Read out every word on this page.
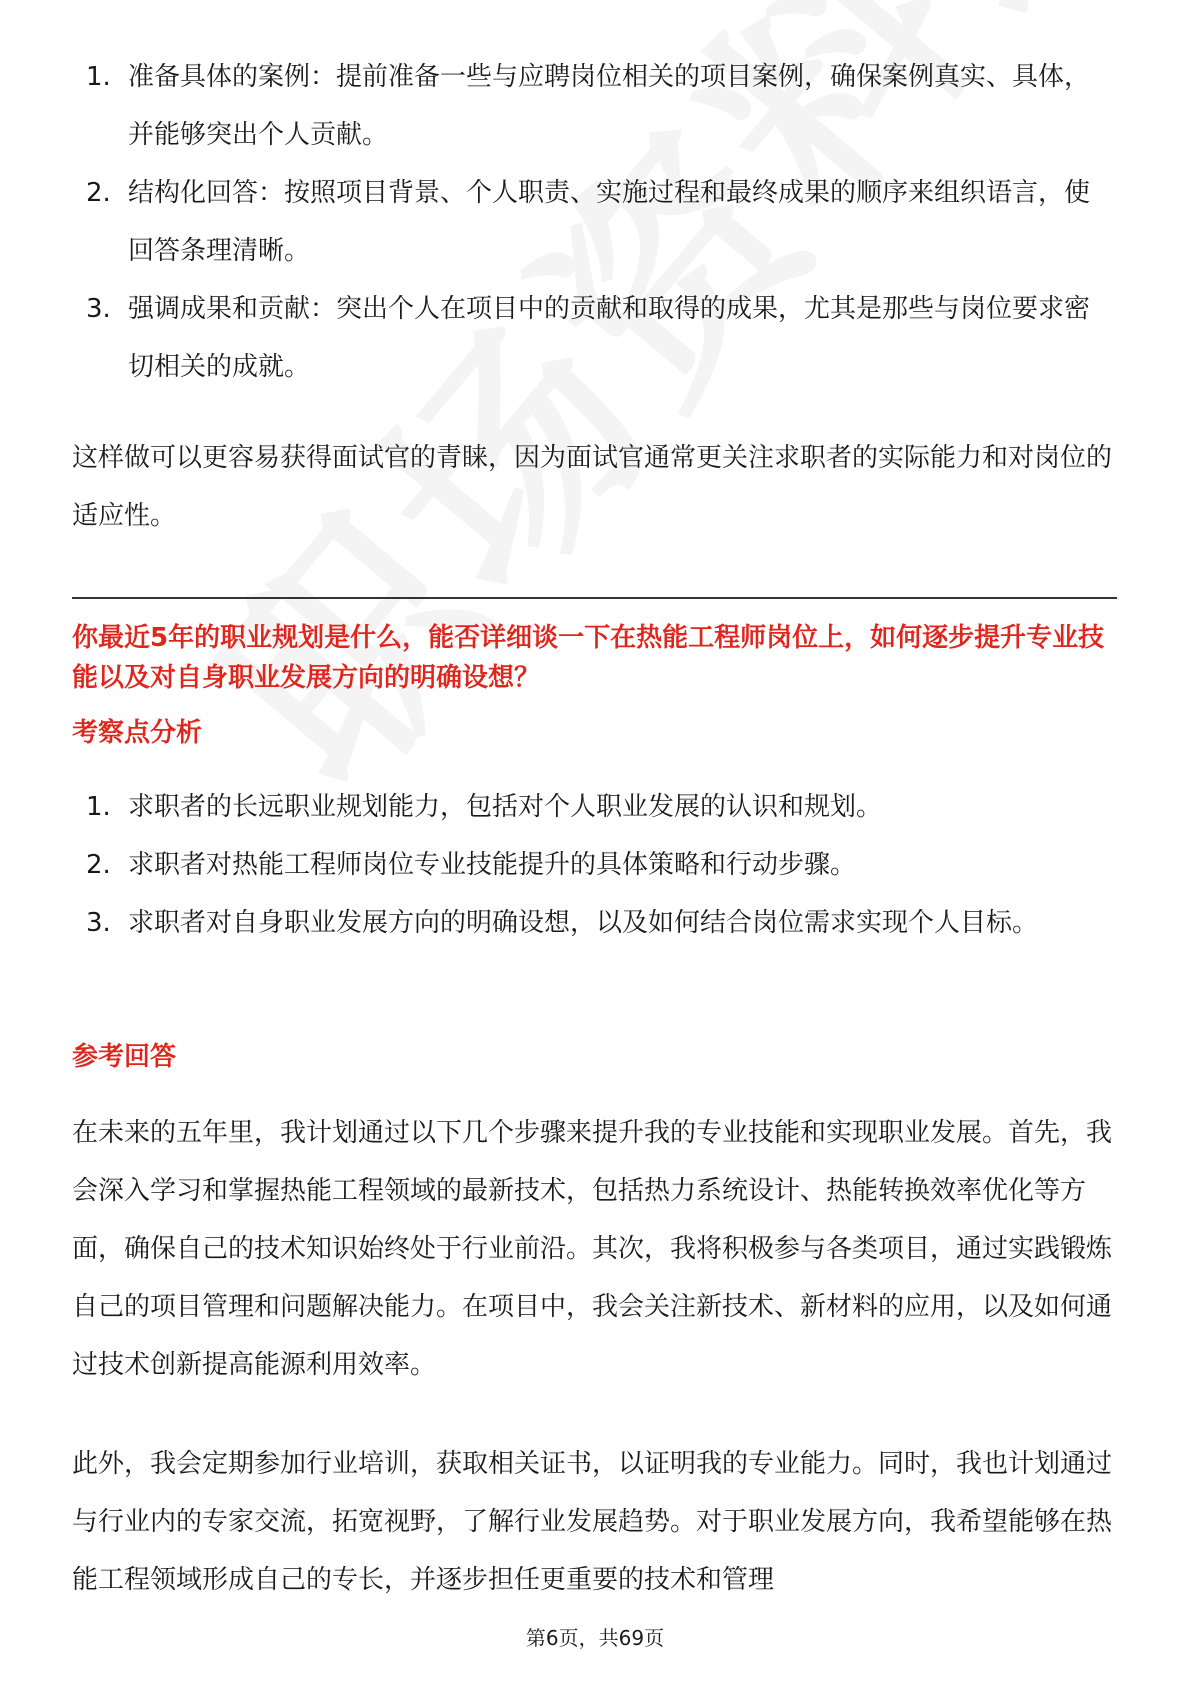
1. 准备具体的案例：提前准备一些与应聘岗位相关的项目案例，确保案例真实、具体，并能够突出个人贡献。
2. 结构化回答：按照项目背景、个人职责、实施过程和最终成果的顺序来组织语言，使回答条理清晰。
3. 强调成果和贡献：突出个人在项目中的贡献和取得的成果，尤其是那些与岗位要求密切相关的成就。

这样做可以更容易获得面试官的青睐，因为面试官通常更关注求职者的实际能力和对岗位的适应性。

你最近5年的职业规划是什么，能否详细谈一下在热能工程师岗位上，如何逐步提升专业技能以及对自身职业发展方向的明确设想？

考察点分析

1. 求职者的长远职业规划能力，包括对个人职业发展的认识和规划。
2. 求职者对热能工程师岗位专业技能提升的具体策略和行动步骤。
3. 求职者对自身职业发展方向的明确设想，以及如何结合岗位需求实现个人目标。

参考回答

在未来的五年里，我计划通过以下几个步骤来提升我的专业技能和实现职业发展。首先，我会深入学习和掌握热能工程领域的最新技术，包括热力系统设计、热能转换效率优化等方面，确保自己的技术知识始终处于行业前沿。其次，我将积极参与各类项目，通过实践锻炼自己的项目管理和问题解决能力。在项目中，我会关注新技术、新材料的应用，以及如何通过技术创新提高能源利用效率。

此外，我会定期参加行业培训，获取相关证书，以证明我的专业能力。同时，我也计划通过与行业内的专家交流，拓宽视野，了解行业发展趋势。对于职业发展方向，我希望能够在热能工程领域形成自己的专长，并逐步担任更重要的技术和管理

第6页，共69页
